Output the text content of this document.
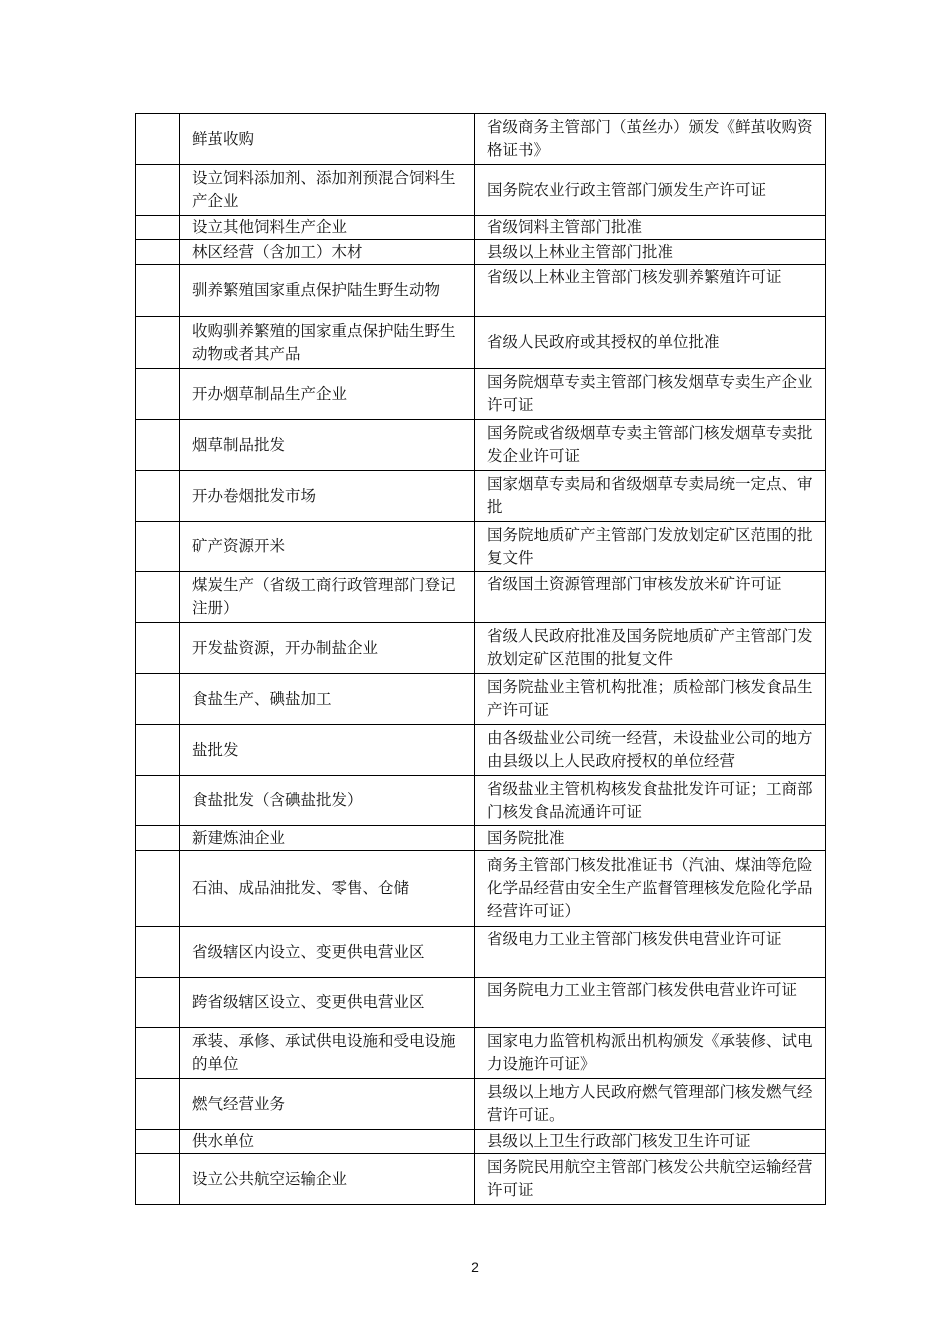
	鲜茧收购	省级商务主管部门（茧丝办）颁发《鲜茧收购资格证书》
	设立饲料添加剂、添加剂预混合饲料生产企业	国务院农业行政主管部门颁发生产许可证
	设立其他饲料生产企业	省级饲料主管部门批准
	林区经营（含加工）木材	县级以上林业主管部门批准
	驯养繁殖国家重点保护陆生野生动物	省级以上林业主管部门核发驯养繁殖许可证
	收购驯养繁殖的国家重点保护陆生野生动物或者其产品	省级人民政府或其授权的单位批准
	开办烟草制品生产企业	国务院烟草专卖主管部门核发烟草专卖生产企业许可证
	烟草制品批发	国务院或省级烟草专卖主管部门核发烟草专卖批发企业许可证
	开办卷烟批发市场	国家烟草专卖局和省级烟草专卖局统一定点、审批
	矿产资源开米	国务院地质矿产主管部门发放划定矿区范围的批复文件
	煤炭生产（省级工商行政管理部门登记注册）	省级国土资源管理部门审核发放米矿许可证
	开发盐资源，开办制盐企业	省级人民政府批准及国务院地质矿产主管部门发放划定矿区范围的批复文件
	食盐生产、碘盐加工	国务院盐业主管机构批准；质检部门核发食品生产许可证
	盐批发	由各级盐业公司统一经营，未设盐业公司的地方由县级以上人民政府授权的单位经营
	食盐批发（含碘盐批发）	省级盐业主管机构核发食盐批发许可证；工商部门核发食品流通许可证
	新建炼油企业	国务院批准
	石油、成品油批发、零售、仓储	商务主管部门核发批准证书（汽油、煤油等危险化学品经营由安全生产监督管理核发危险化学品经营许可证）
	省级辖区内设立、变更供电营业区	省级电力工业主管部门核发供电营业许可证
	跨省级辖区设立、变更供电营业区	国务院电力工业主管部门核发供电营业许可证
	承装、承修、承试供电设施和受电设施的单位	国家电力监管机构派出机构颁发《承装修、试电力设施许可证》
	燃气经营业务	县级以上地方人民政府燃气管理部门核发燃气经营许可证。
	供水单位	县级以上卫生行政部门核发卫生许可证
	设立公共航空运输企业	国务院民用航空主管部门核发公共航空运输经营许可证
2
